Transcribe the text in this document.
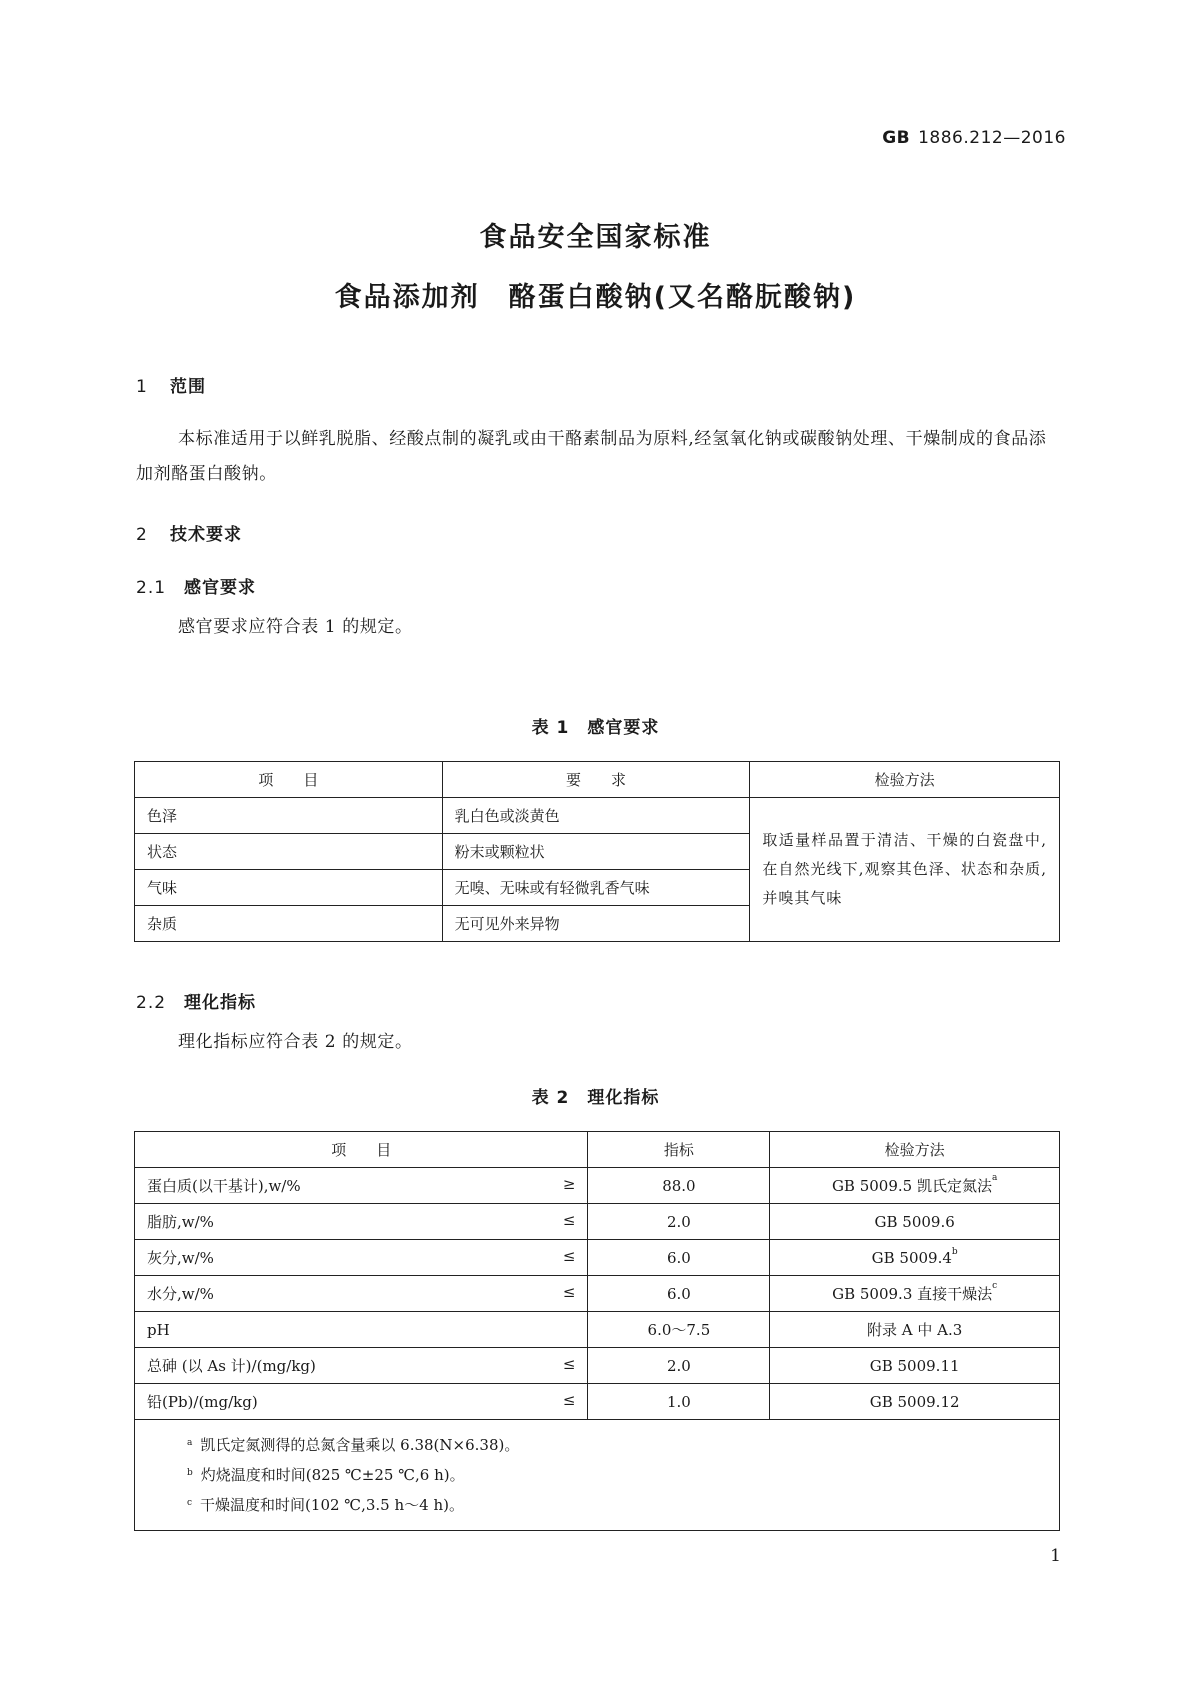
GB 1886.212—2016
食品安全国家标准
食品添加剂　酪蛋白酸钠(又名酪朊酸钠)
1 范围
本标准适用于以鲜乳脱脂、经酸点制的凝乳或由干酪素制品为原料,经氢氧化钠或碳酸钠处理、干燥制成的食品添加剂酪蛋白酸钠。
2 技术要求
2.1 感官要求
感官要求应符合表 1 的规定。
表 1　感官要求
项　　目	要　　求	检验方法
色泽	乳白色或淡黄色	取适量样品置于清洁、干燥的白瓷盘中,在自然光线下,观察其色泽、状态和杂质,并嗅其气味
状态	粉末或颗粒状	
气味	无嗅、无味或有轻微乳香气味	
杂质	无可见外来异物	
2.2 理化指标
理化指标应符合表 2 的规定。
表 2　理化指标
项　　目	指标	检验方法
蛋白质(以干基计),w/% ≥	88.0	GB 5009.5 凯氏定氮法$^a$
脂肪,w/% ≤	2.0	GB 5009.6
灰分,w/% ≤	6.0	GB 5009.4$^b$
水分,w/% ≤	6.0	GB 5009.3 直接干燥法$^c$
pH	6.0～7.5	附录 A 中 A.3
总砷 (以 As 计)/(mg/kg) ≤	2.0	GB 5009.11
铅(Pb)/(mg/kg) ≤	1.0	GB 5009.12

$^a$ 凯氏定氮测得的总氮含量乘以 6.38(N×6.38)。
$^b$ 灼烧温度和时间(825 ℃±25 ℃,6 h)。
$^c$ 干燥温度和时间(102 ℃,3.5 h～4 h)。		
1
